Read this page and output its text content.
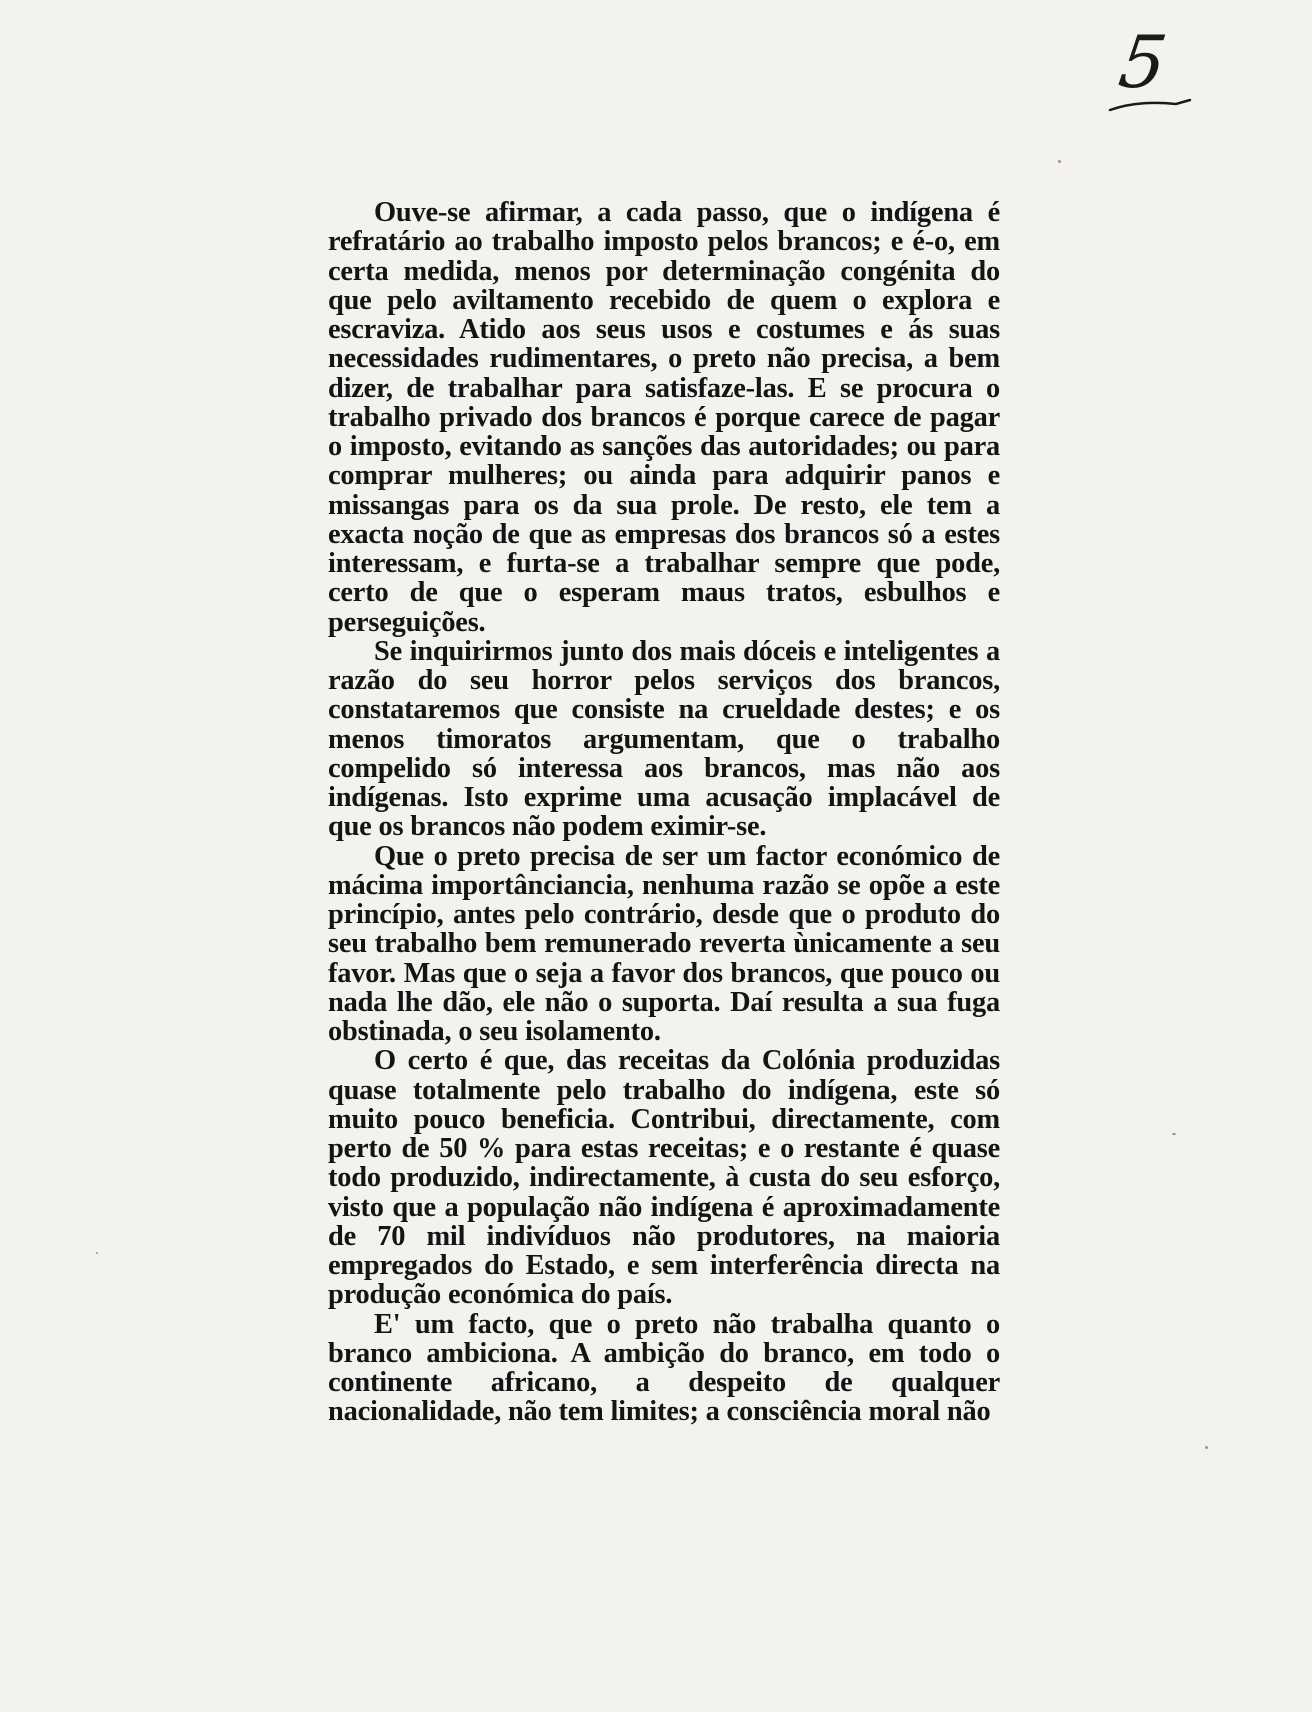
5

Ouve-se afirmar, a cada passo, que o indígena é refratário ao trabalho imposto pelos brancos; e é-o, em certa medida, menos por determinação congénita do que pelo aviltamento recebido de quem o explora e escraviza. Atido aos seus usos e costumes e ás suas necessidades rudimentares, o preto não precisa, a bem dizer, de trabalhar para satisfaze-las. E se procura o trabalho privado dos brancos é porque carece de pagar o imposto, evitando as sanções das autoridades; ou para comprar mulheres; ou ainda para adquirir panos e missangas para os da sua prole. De resto, ele tem a exacta noção de que as empresas dos brancos só a estes interessam, e furta-se a trabalhar sempre que pode, certo de que o esperam maus tratos, esbulhos e perseguições.

Se inquirirmos junto dos mais dóceis e inteligentes a razão do seu horror pelos serviços dos brancos, constataremos que consiste na crueldade destes; e os menos timoratos argumentam, que o trabalho compelido só interessa aos brancos, mas não aos indígenas. Isto exprime uma acusação implacável de que os brancos não podem eximir-se.

Que o preto precisa de ser um factor económico de mácima importânciancia, nenhuma razão se opõe a este princípio, antes pelo contrário, desde que o produto do seu trabalho bem remunerado reverta ùnicamente a seu favor. Mas que o seja a favor dos brancos, que pouco ou nada lhe dão, ele não o suporta. Daí resulta a sua fuga obstinada, o seu isolamento.

O certo é que, das receitas da Colónia produzidas quase totalmente pelo trabalho do indígena, este só muito pouco beneficia. Contribui, directamente, com perto de 50 % para estas receitas; e o restante é quase todo produzido, indirectamente, à custa do seu esforço, visto que a população não indígena é aproximadamente de 70 mil indivíduos não produtores, na maioria empregados do Estado, e sem interferência directa na produção económica do país.

E' um facto, que o preto não trabalha quanto o branco ambiciona. A ambição do branco, em todo o continente africano, a despeito de qualquer nacionalidade, não tem limites; a consciência moral não
